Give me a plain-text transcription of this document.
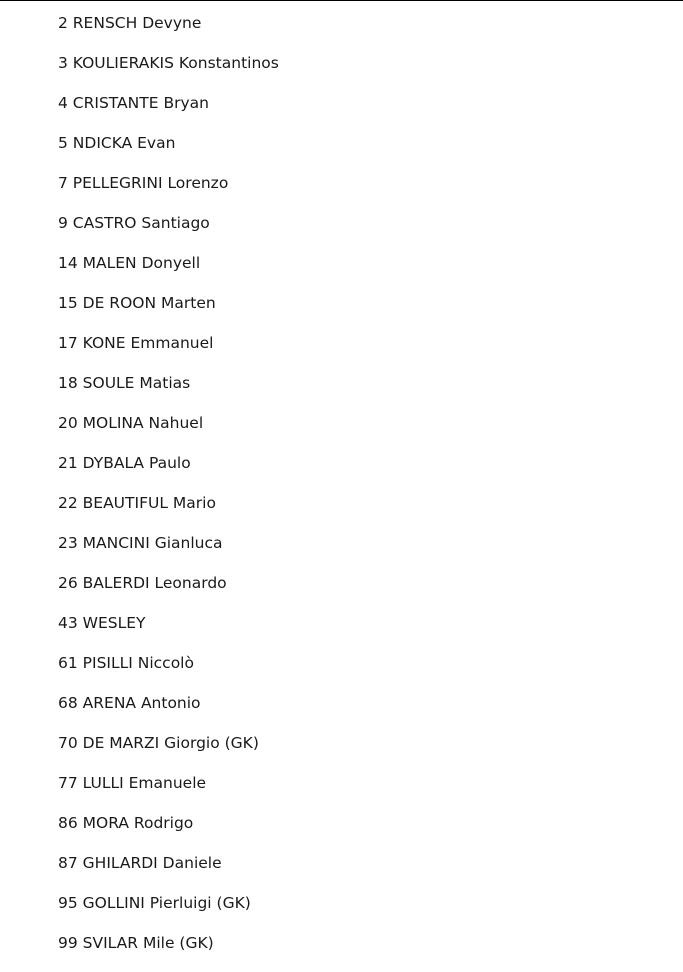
2 RENSCH Devyne
3 KOULIERAKIS Konstantinos
4 CRISTANTE Bryan
5 NDICKA Evan
7 PELLEGRINI Lorenzo
9 CASTRO Santiago
14 MALEN Donyell
15 DE ROON Marten
17 KONE Emmanuel
18 SOULE Matias
20 MOLINA Nahuel
21 DYBALA Paulo
22 BEAUTIFUL Mario
23 MANCINI Gianluca
26 BALERDI Leonardo
43 WESLEY
61 PISILLI Niccolò
68 ARENA Antonio
70 DE MARZI Giorgio (GK)
77 LULLI Emanuele
86 MORA Rodrigo
87 GHILARDI Daniele
95 GOLLINI Pierluigi (GK)
99 SVILAR Mile (GK)
